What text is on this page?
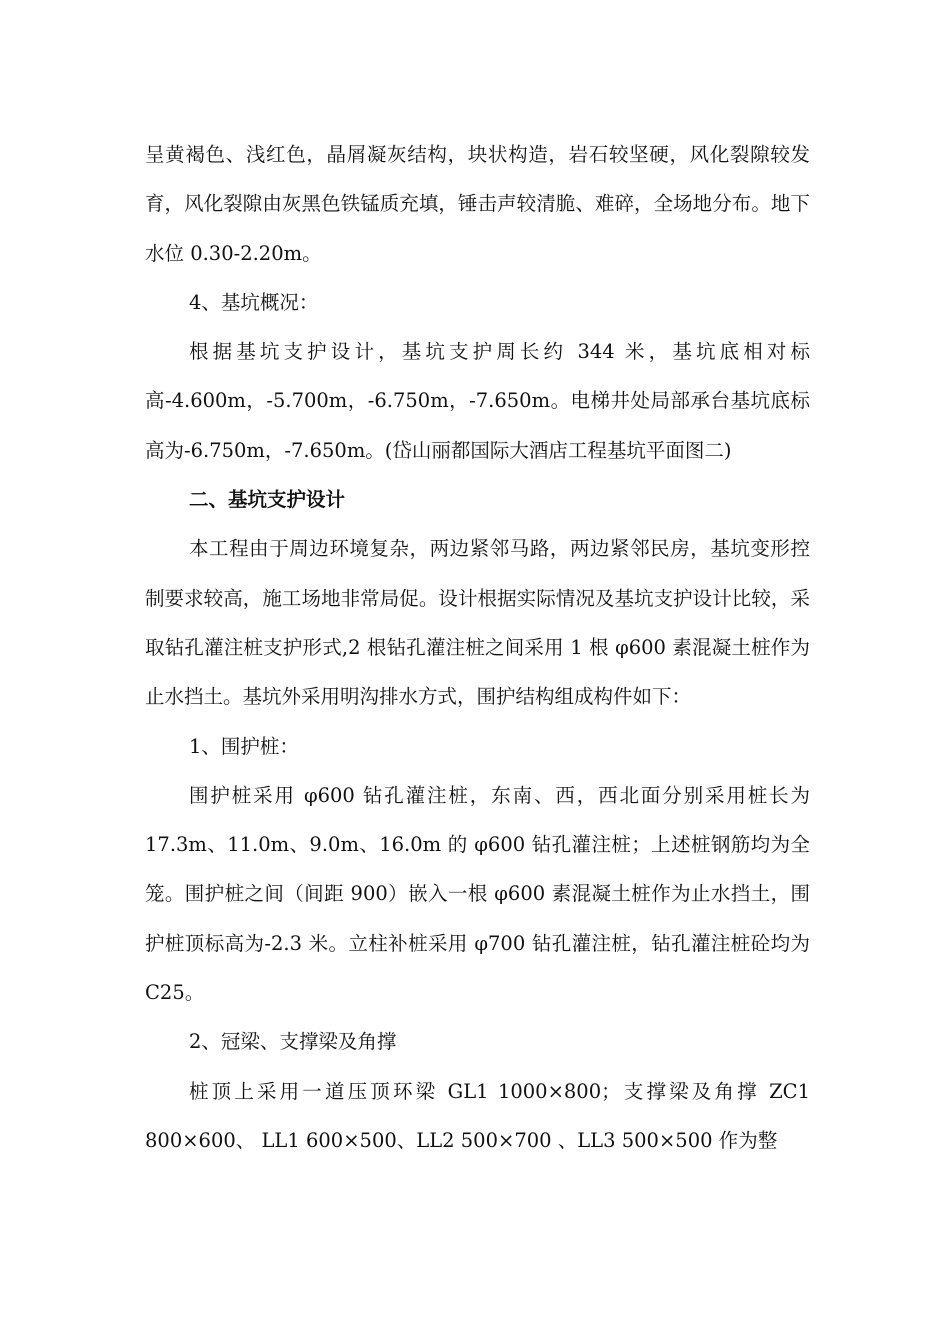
呈黄褐色、浅红色，晶屑凝灰结构，块状构造，岩石较坚硬，风化裂隙较发育，风化裂隙由灰黑色铁锰质充填，锤击声较清脆、难碎，全场地分布。地下水位 0.30-2.20m。

4、基坑概况：

根据基坑支护设计，基坑支护周长约 344 米，基坑底相对标高-4.600m，-5.700m，-6.750m，-7.650m。电梯井处局部承台基坑底标高为-6.750m，-7.650m。(岱山丽都国际大酒店工程基坑平面图二)

二、基坑支护设计

本工程由于周边环境复杂，两边紧邻马路，两边紧邻民房，基坑变形控制要求较高，施工场地非常局促。设计根据实际情况及基坑支护设计比较，采取钻孔灌注桩支护形式,2 根钻孔灌注桩之间采用 1 根 φ600 素混凝土桩作为止水挡土。基坑外采用明沟排水方式，围护结构组成构件如下：

1、围护桩：

围护桩采用 φ600 钻孔灌注桩，东南、西，西北面分别采用桩长为 17.3m、11.0m、9.0m、16.0m 的 φ600 钻孔灌注桩；上述桩钢筋均为全笼。围护桩之间（间距 900）嵌入一根 φ600 素混凝土桩作为止水挡土，围护桩顶标高为-2.3 米。立柱补桩采用 φ700 钻孔灌注桩，钻孔灌注桩砼均为 C25。

2、冠梁、支撑梁及角撑

桩顶上采用一道压顶环梁 GL1 1000×800；支撑梁及角撑 ZC1 800×600、 LL1 600×500、LL2 500×700 、LL3 500×500 作为整
